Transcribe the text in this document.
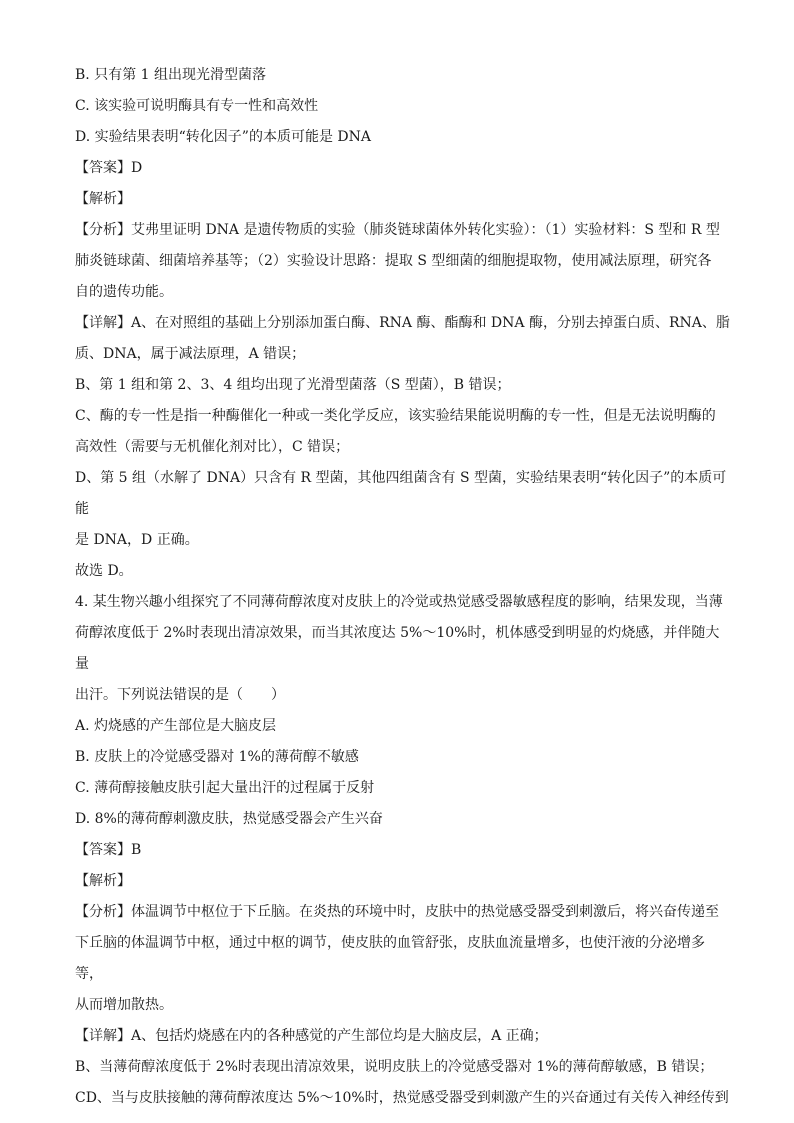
B. 只有第 1 组出现光滑型菌落
C. 该实验可说明酶具有专一性和高效性
D. 实验结果表明“转化因子”的本质可能是 DNA
【答案】D
【解析】
【分析】艾弗里证明 DNA 是遗传物质的实验（肺炎链球菌体外转化实验）：（1）实验材料：S 型和 R 型
肺炎链球菌、细菌培养基等；（2）实验设计思路：提取 S 型细菌的细胞提取物，使用减法原理，研究各
自的遗传功能。
【详解】A、在对照组的基础上分别添加蛋白酶、RNA 酶、酯酶和 DNA 酶，分别去掉蛋白质、RNA、脂
质、DNA，属于减法原理，A 错误；
B、第 1 组和第 2、3、4 组均出现了光滑型菌落（S 型菌），B 错误；
C、酶的专一性是指一种酶催化一种或一类化学反应，该实验结果能说明酶的专一性，但是无法说明酶的
高效性（需要与无机催化剂对比），C 错误；
D、第 5 组（水解了 DNA）只含有 R 型菌，其他四组菌含有 S 型菌，实验结果表明“转化因子”的本质可能
是 DNA，D 正确。
故选 D。
4. 某生物兴趣小组探究了不同薄荷醇浓度对皮肤上的冷觉或热觉感受器敏感程度的影响，结果发现，当薄
荷醇浓度低于 2%时表现出清凉效果，而当其浓度达 5%～10%时，机体感受到明显的灼烧感，并伴随大量
出汗。下列说法错误的是（　　）
A. 灼烧感的产生部位是大脑皮层
B. 皮肤上的冷觉感受器对 1%的薄荷醇不敏感
C. 薄荷醇接触皮肤引起大量出汗的过程属于反射
D. 8%的薄荷醇刺激皮肤，热觉感受器会产生兴奋
【答案】B
【解析】
【分析】体温调节中枢位于下丘脑。在炎热的环境中时，皮肤中的热觉感受器受到刺激后，将兴奋传递至
下丘脑的体温调节中枢，通过中枢的调节，使皮肤的血管舒张，皮肤血流量增多，也使汗液的分泌增多等，
从而增加散热。
【详解】A、包括灼烧感在内的各种感觉的产生部位均是大脑皮层，A 正确；
B、当薄荷醇浓度低于 2%时表现出清凉效果，说明皮肤上的冷觉感受器对 1%的薄荷醇敏感，B 错误；
CD、当与皮肤接触的薄荷醇浓度达 5%～10%时，热觉感受器受到刺激产生的兴奋通过有关传入神经传到
